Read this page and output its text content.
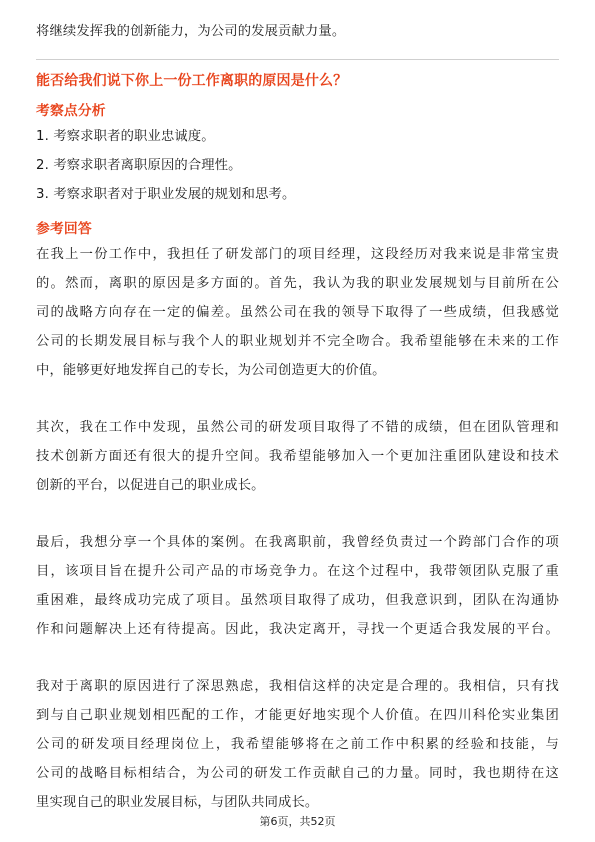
将继续发挥我的创新能力，为公司的发展贡献力量。
能否给我们说下你上一份工作离职的原因是什么？
考察点分析
1. 考察求职者的职业忠诚度。
2. 考察求职者离职原因的合理性。
3. 考察求职者对于职业发展的规划和思考。
参考回答
在我上一份工作中，我担任了研发部门的项目经理，这段经历对我来说是非常宝贵
的。然而，离职的原因是多方面的。首先，我认为我的职业发展规划与目前所在公
司的战略方向存在一定的偏差。虽然公司在我的领导下取得了一些成绩，但我感觉
公司的长期发展目标与我个人的职业规划并不完全吻合。我希望能够在未来的工作
中，能够更好地发挥自己的专长，为公司创造更大的价值。
其次，我在工作中发现，虽然公司的研发项目取得了不错的成绩，但在团队管理和
技术创新方面还有很大的提升空间。我希望能够加入一个更加注重团队建设和技术
创新的平台，以促进自己的职业成长。
最后，我想分享一个具体的案例。在我离职前，我曾经负责过一个跨部门合作的项
目，该项目旨在提升公司产品的市场竞争力。在这个过程中，我带领团队克服了重
重困难，最终成功完成了项目。虽然项目取得了成功，但我意识到，团队在沟通协
作和问题解决上还有待提高。因此，我决定离开，寻找一个更适合我发展的平台。
我对于离职的原因进行了深思熟虑，我相信这样的决定是合理的。我相信，只有找
到与自己职业规划相匹配的工作，才能更好地实现个人价值。在四川科伦实业集团
公司的研发项目经理岗位上，我希望能够将在之前工作中积累的经验和技能，与
公司的战略目标相结合，为公司的研发工作贡献自己的力量。同时，我也期待在这
里实现自己的职业发展目标，与团队共同成长。
第6页，共52页
